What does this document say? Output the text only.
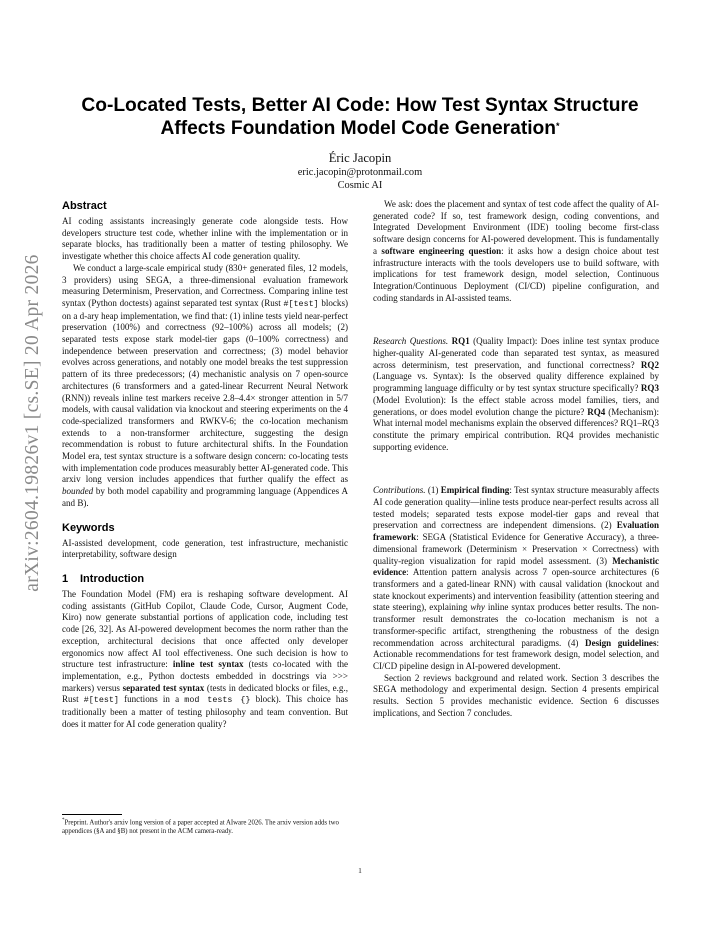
arXiv:2604.19826v1 [cs.SE] 20 Apr 2026
Co-Located Tests, Better AI Code: How Test Syntax Structure
Affects Foundation Model Code Generation*
Éric Jacopin
eric.jacopin@protonmail.com
Cosmic AI
Abstract

AI coding assistants increasingly generate code alongside tests. How developers structure test code, whether inline with the implementation or in separate blocks, has traditionally been a matter of testing philosophy. We investigate whether this choice affects AI code generation quality.

We conduct a large-scale empirical study (830+ generated files, 12 models, 3 providers) using SEGA, a three-dimensional evaluation framework measuring Determinism, Preservation, and Correctness. Comparing inline test syntax (Python doctests) against separated test syntax (Rust #[test] blocks) on a d-ary heap implementation, we find that: (1) inline tests yield near-perfect preservation (100%) and correctness (92–100%) across all models; (2) separated tests expose stark model-tier gaps (0–100% correctness) and independence between preservation and correctness; (3) model behavior evolves across generations, and notably one model breaks the test suppression pattern of its three predecessors; (4) mechanistic analysis on 7 open-source architectures (6 transformers and a gated-linear Recurrent Neural Network (RNN)) reveals inline test markers receive 2.8–4.4× stronger attention in 5/7 models, with causal validation via knockout and steering experiments on the 4 code-specialized transformers and RWKV-6; the co-location mechanism extends to a non-transformer architecture, suggesting the design recommendation is robust to future architectural shifts. In the Foundation Model era, test syntax structure is a software design concern: co-locating tests with implementation code produces measurably better AI-generated code. This arxiv long version includes appendices that further qualify the effect as bounded by both model capability and programming language (Appendices A and B).

Keywords

AI-assisted development, code generation, test infrastructure, mechanistic interpretability, software design

1 Introduction

The Foundation Model (FM) era is reshaping software development. AI coding assistants (GitHub Copilot, Claude Code, Cursor, Augment Code, Kiro) now generate substantial portions of application code, including test code [26, 32]. As AI-powered development becomes the norm rather than the exception, architectural decisions that once affected only developer ergonomics now affect AI tool effectiveness. One such decision is how to structure test infrastructure: inline test syntax (tests co-located with the implementation, e.g., Python doctests embedded in docstrings via >>> markers) versus separated test syntax (tests in dedicated blocks or files, e.g., Rust #[test] functions in a mod tests {} block). This choice has traditionally been a matter of testing philosophy and team convention. But does it matter for AI code generation quality?

We ask: does the placement and syntax of test code affect the quality of AI-generated code? If so, test framework design, coding conventions, and Integrated Development Environment (IDE) tooling become first-class software design concerns for AI-powered development. This is fundamentally a software engineering question: it asks how a design choice about test infrastructure interacts with the tools developers use to build software, with implications for test framework design, model selection, Continuous Integration/Continuous Deployment (CI/CD) pipeline configuration, and coding standards in AI-assisted teams.

Research Questions. RQ1 (Quality Impact): Does inline test syntax produce higher-quality AI-generated code than separated test syntax, as measured across determinism, test preservation, and functional correctness? RQ2 (Language vs. Syntax): Is the observed quality difference explained by programming language difficulty or by test syntax structure specifically? RQ3 (Model Evolution): Is the effect stable across model families, tiers, and generations, or does model evolution change the picture? RQ4 (Mechanism): What internal model mechanisms explain the observed differences? RQ1–RQ3 constitute the primary empirical contribution. RQ4 provides mechanistic supporting evidence.

Contributions. (1) Empirical finding: Test syntax structure measurably affects AI code generation quality—inline tests produce near-perfect results across all tested models; separated tests expose model-tier gaps and reveal that preservation and correctness are independent dimensions. (2) Evaluation framework: SEGA (Statistical Evidence for Generative Accuracy), a three-dimensional framework (Determinism × Preservation × Correctness) with quality-region visualization for rapid model assessment. (3) Mechanistic evidence: Attention pattern analysis across 7 open-source architectures (6 transformers and a gated-linear RNN) with causal validation (knockout and state knockout experiments) and intervention feasibility (attention steering and state steering), explaining why inline syntax produces better results. The non-transformer result demonstrates the co-location mechanism is not a transformer-specific artifact, strengthening the robustness of the design recommendation across architectural paradigms. (4) Design guidelines: Actionable recommendations for test framework design, model selection, and CI/CD pipeline design in AI-powered development.

Section 2 reviews background and related work. Section 3 describes the SEGA methodology and experimental design. Section 4 presents empirical results. Section 5 provides mechanistic evidence. Section 6 discusses implications, and Section 7 concludes.

*Preprint. Author's arxiv long version of a paper accepted at AIware 2026. The arxiv version adds two appendices (§A and §B) not present in the ACM camera-ready.
1
